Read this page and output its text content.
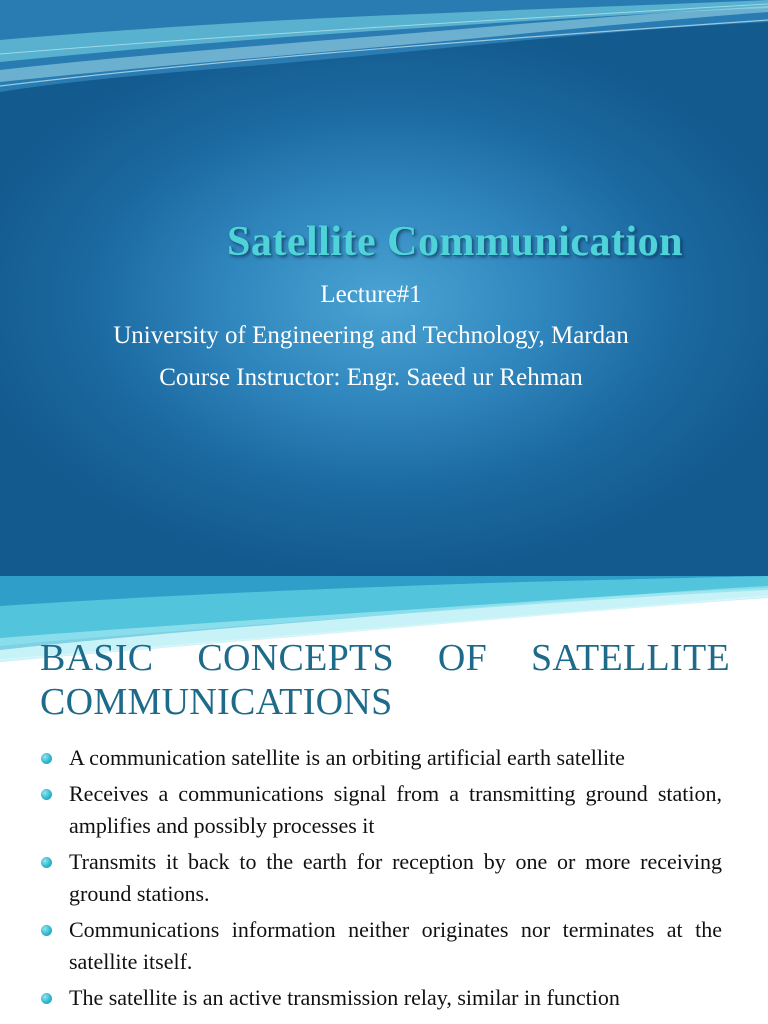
Satellite Communication
Lecture#1
University of Engineering and Technology, Mardan
Course Instructor: Engr. Saeed ur Rehman
BASIC CONCEPTS OF SATELLITE
COMMUNICATIONS
A communication satellite is an orbiting artificial earth satellite
Receives a communications signal from a transmitting ground station, amplifies and possibly processes it
Transmits it back to the earth for reception by one or more receiving ground stations.
Communications information neither originates nor terminates at the satellite itself.
The satellite is an active transmission relay, similar in function
